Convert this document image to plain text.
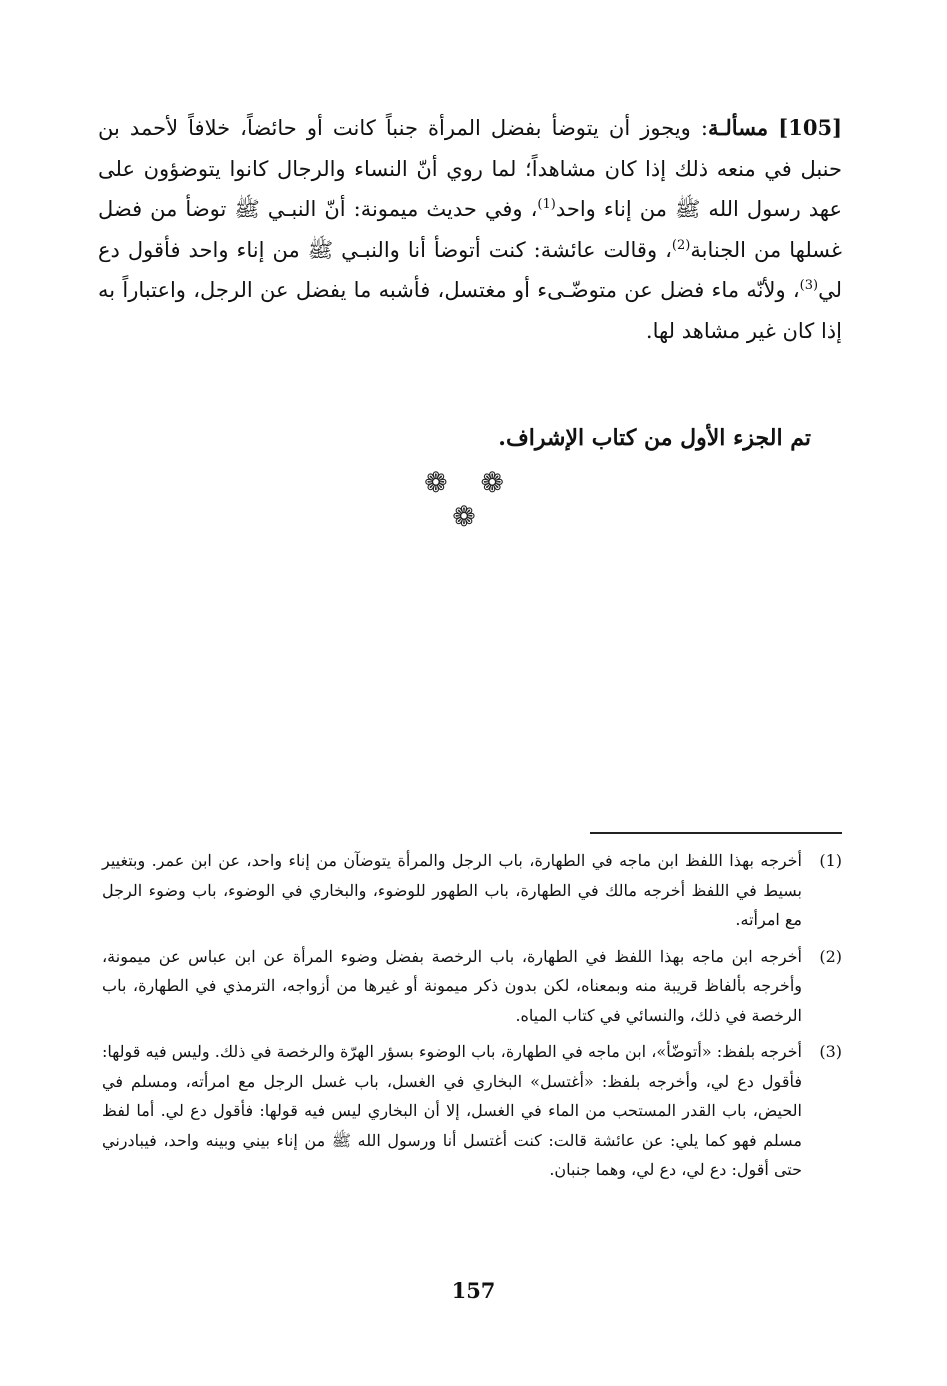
[105] مسألـة: ويجوز أن يتوضأ بفضل المرأة جنباً كانت أو حائضاً، خلافاً لأحمد بن حنبل في منعه ذلك إذا كان مشاهداً؛ لما روي أنّ النساء والرجال كانوا يتوضؤون على عهد رسول الله ﷺ من إناء واحد$^{(1)}$، وفي حديث ميمونة: أنّ النبـي ﷺ توضأ من فضل غسلها من الجنابة$^{(2)}$، وقالت عائشة: كنت أتوضأ أنا والنبـي ﷺ من إناء واحد فأقول دع لي$^{(3)}$، ولأنّه ماء فضل عن متوضّـىء أو مغتسل، فأشبه ما يفضل عن الرجل، واعتباراً به إذا كان غير مشاهد لها.

تم الجزء الأول من كتاب الإشراف.
❁ ❁ ❁
(1)
أخرجه بهذا اللفظ ابن ماجه في الطهارة، باب الرجل والمرأة يتوضآن من إناء واحد، عن ابن عمر. وبتغيير بسيط في اللفظ أخرجه مالك في الطهارة، باب الطهور للوضوء، والبخاري في الوضوء، باب وضوء الرجل مع امرأته.
(2)
أخرجه ابن ماجه بهذا اللفظ في الطهارة، باب الرخصة بفضل وضوء المرأة عن ابن عباس عن ميمونة، وأخرجه بألفاظ قريبة منه وبمعناه، لكن بدون ذكر ميمونة أو غيرها من أزواجه، الترمذي في الطهارة، باب الرخصة في ذلك، والنسائي في كتاب المياه.
(3)
أخرجه بلفظ: «أتوضّأ»، ابن ماجه في الطهارة، باب الوضوء بسؤر الهرّة والرخصة في ذلك. وليس فيه قولها: فأقول دع لي، وأخرجه بلفظ: «أغتسل» البخاري في الغسل، باب غسل الرجل مع امرأته، ومسلم في الحيض، باب القدر المستحب من الماء في الغسل، إلا أن البخاري ليس فيه قولها: فأقول دع لي. أما لفظ مسلم فهو كما يلي: عن عائشة قالت: كنت أغتسل أنا ورسول الله ﷺ من إناء بيني وبينه واحد، فيبادرني حتى أقول: دع لي، دع لي، وهما جنبان.
157
